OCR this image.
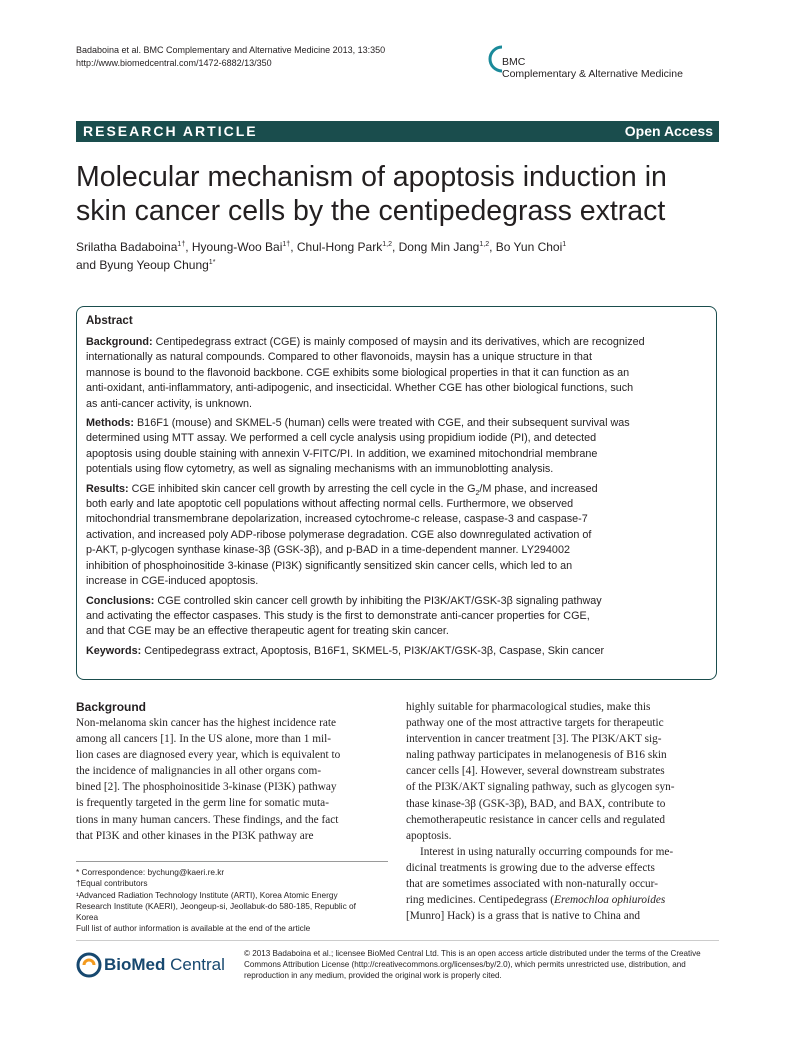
Badaboina et al. BMC Complementary and Alternative Medicine 2013, 13:350
http://www.biomedcentral.com/1472-6882/13/350	BMC
Complementary & Alternative Medicine
RESEARCH ARTICLE	Open Access
Molecular mechanism of apoptosis induction in
skin cancer cells by the centipedegrass extract
Srilatha Badaboina$^{1\dagger}$, Hyoung-Woo Bai$^{1\dagger}$, Chul-Hong Park$^{1,2}$, Dong Min Jang$^{1,2}$, Bo Yun Choi$^1$
and Byung Yeoup Chung$^{1*}$
Abstract
Background: Centipedegrass extract (CGE) is mainly composed of maysin and its derivatives, which are recognized
internationally as natural compounds. Compared to other flavonoids, maysin has a unique structure in that
mannose is bound to the flavonoid backbone. CGE exhibits some biological properties in that it can function as an
anti-oxidant, anti-inflammatory, anti-adipogenic, and insecticidal. Whether CGE has other biological functions, such
as anti-cancer activity, is unknown.
Methods: B16F1 (mouse) and SKMEL-5 (human) cells were treated with CGE, and their subsequent survival was
determined using MTT assay. We performed a cell cycle analysis using propidium iodide (PI), and detected
apoptosis using double staining with annexin V-FITC/PI. In addition, we examined mitochondrial membrane
potentials using flow cytometry, as well as signaling mechanisms with an immunoblotting analysis.
Results: CGE inhibited skin cancer cell growth by arresting the cell cycle in the $G_2/M$ phase, and increased
both early and late apoptotic cell populations without affecting normal cells. Furthermore, we observed
mitochondrial transmembrane depolarization, increased cytochrome-c release, caspase-3 and caspase-7
activation, and increased poly ADP-ribose polymerase degradation. CGE also downregulated activation of
p-AKT, p-glycogen synthase kinase-3β (GSK-3β), and p-BAD in a time-dependent manner. LY294002
inhibition of phosphoinositide 3-kinase (PI3K) significantly sensitized skin cancer cells, which led to an
increase in CGE-induced apoptosis.
Conclusions: CGE controlled skin cancer cell growth by inhibiting the PI3K/AKT/GSK-3β signaling pathway
and activating the effector caspases. This study is the first to demonstrate anti-cancer properties for CGE,
and that CGE may be an effective therapeutic agent for treating skin cancer.
Keywords: Centipedegrass extract, Apoptosis, B16F1, SKMEL-5, PI3K/AKT/GSK-3β, Caspase, Skin cancer
Background
Non-melanoma skin cancer has the highest incidence rate
among all cancers [1]. In the US alone, more than 1 mil-
lion cases are diagnosed every year, which is equivalent to
the incidence of malignancies in all other organs com-
bined [2]. The phosphoinositide 3-kinase (PI3K) pathway
is frequently targeted in the germ line for somatic muta-
tions in many human cancers. These findings, and the fact
that PI3K and other kinases in the PI3K pathway are
highly suitable for pharmacological studies, make this
pathway one of the most attractive targets for therapeutic
intervention in cancer treatment [3]. The PI3K/AKT sig-
naling pathway participates in melanogenesis of B16 skin
cancer cells [4]. However, several downstream substrates
of the PI3K/AKT signaling pathway, such as glycogen syn-
thase kinase-3β (GSK-3β), BAD, and BAX, contribute to
chemotherapeutic resistance in cancer cells and regulated
apoptosis.
Interest in using naturally occurring compounds for me-
dicinal treatments is growing due to the adverse effects
that are sometimes associated with non-naturally occur-
ring medicines. Centipedegrass (Eremochloa ophiuroides
[Munro] Hack) is a grass that is native to China and
* Correspondence: bychung@kaeri.re.kr
†Equal contributors
¹Advanced Radiation Technology Institute (ARTI), Korea Atomic Energy
Research Institute (KAERI), Jeongeup-si, Jeollabuk-do 580-185, Republic of
Korea
Full list of author information is available at the end of the article
BioMed Central
© 2013 Badaboina et al.; licensee BioMed Central Ltd. This is an open access article distributed under the terms of the Creative
Commons Attribution License (http://creativecommons.org/licenses/by/2.0), which permits unrestricted use, distribution, and
reproduction in any medium, provided the original work is properly cited.
